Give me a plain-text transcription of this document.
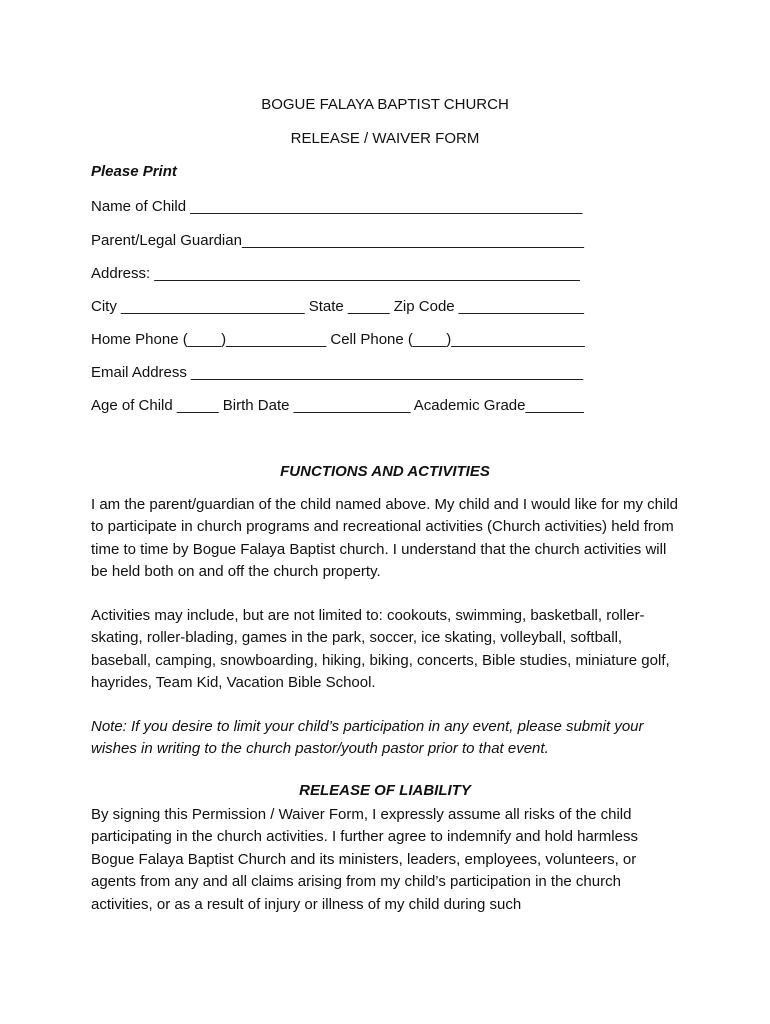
BOGUE FALAYA BAPTIST CHURCH
RELEASE / WAIVER FORM
Please Print
Name of Child _______________________________________________
Parent/Legal Guardian_________________________________________
Address: ___________________________________________________
City ______________________ State _____ Zip Code _______________
Home Phone (____)____________ Cell Phone (____)________________
Email Address _______________________________________________
Age of Child _____ Birth Date ______________ Academic Grade_______
FUNCTIONS AND ACTIVITIES

I am the parent/guardian of the child named above. My child and I would like for my child to participate in church programs and recreational activities (Church activities) held from time to time by Bogue Falaya Baptist church. I understand that the church activities will be held both on and off the church property.

Activities may include, but are not limited to: cookouts, swimming, basketball, roller-skating, roller-blading, games in the park, soccer, ice skating, volleyball, softball, baseball, camping, snowboarding, hiking, biking, concerts, Bible studies, miniature golf, hayrides, Team Kid, Vacation Bible School.

Note: If you desire to limit your child’s participation in any event, please submit your wishes in writing to the church pastor/youth pastor prior to that event.

RELEASE OF LIABILITY

By signing this Permission / Waiver Form, I expressly assume all risks of the child participating in the church activities. I further agree to indemnify and hold harmless Bogue Falaya Baptist Church and its ministers, leaders, employees, volunteers, or agents from any and all claims arising from my child’s participation in the church activities, or as a result of injury or illness of my child during such
